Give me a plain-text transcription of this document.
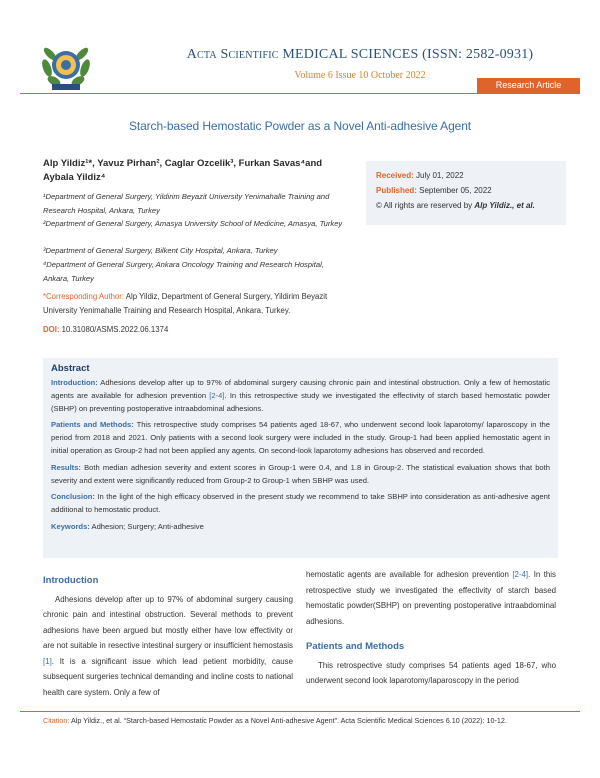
Acta Scientific MEDICAL SCIENCES (ISSN: 2582-0931)
Volume 6 Issue 10 October 2022
Research Article
Starch-based Hemostatic Powder as a Novel Anti-adhesive Agent
Alp Yildiz¹*, Yavuz Pirhan², Caglar Ozcelik³, Furkan Savas⁴and Aybala Yildiz⁴
¹Department of General Surgery, Yildirim Beyazit University Yenimahalle Training and Research Hospital, Ankara, Turkey
²Department of General Surgery, Amasya University School of Medicine, Amasya, Turkey
³Department of General Surgery, Bilkent City Hospital, Ankara, Turkey
⁴Department of General Surgery, Ankara Oncology Training and Research Hospital, Ankara, Turkey
*Corresponding Author: Alp Yildiz, Department of General Surgery, Yildirim Beyazit University Yenimahalle Training and Research Hospital, Ankara, Turkey.
DOI: 10.31080/ASMS.2022.06.1374
Received: July 01, 2022
Published: September 05, 2022
© All rights are reserved by Alp Yildiz., et al.
Abstract
Introduction: Adhesions develop after up to 97% of abdominal surgery causing chronic pain and intestinal obstruction. Only a few of hemostatic agents are available for adhesion prevention [2-4]. In this retrospective study we investigated the effectivity of starch based hemostatic powder (SBHP) on preventing postoperative intraabdominal adhesions.
Patients and Methods: This retrospective study comprises 54 patients aged 18-67, who underwent second look laparotomy/ laparoscopy in the period from 2018 and 2021. Only patients with a second look surgery were included in the study. Group-1 had been applied hemostatic agent in initial operation as Group-2 had not been applied any agents. On second-look laparotomy adhesions has observed and recorded.
Results: Both median adhesion severity and extent scores in Group-1 were 0.4, and 1.8 in Group-2. The statistical evaluation shows that both severity and extent were significantly reduced from Group-2 to Group-1 when SBHP was used.
Conclusion: In the light of the high efficacy observed in the present study we recommend to take SBHP into consideration as anti-adhesive agent additional to hemostatic product.
Keywords: Adhesion; Surgery; Anti-adhesive
Introduction

Adhesions develop after up to 97% of abdominal surgery causing chronic pain and intestinal obstruction. Several methods to prevent adhesions have been argued but mostly either have low effectivity or are not suitable in resective intestinal surgery or insufficient hemostasis [1]. It is a significant issue which lead petient morbidity, cause subsequent surgeries technical demanding and incline costs to national health care system. Only a few of

hemostatic agents are available for adhesion prevention [2-4]. In this retrospective study we investigated the effectivity of starch based hemostatic powder(SBHP) on preventing postoperative intraabdominal adhesions.
Patients and Methods

This retrospective study comprises 54 patients aged 18-67, who underwent second look laparotomy/laparoscopy in the period

Citation: Alp Yildiz., et al. “Starch-based Hemostatic Powder as a Novel Anti-adhesive Agent”. Acta Scientific Medical Sciences 6.10 (2022): 10-12.
